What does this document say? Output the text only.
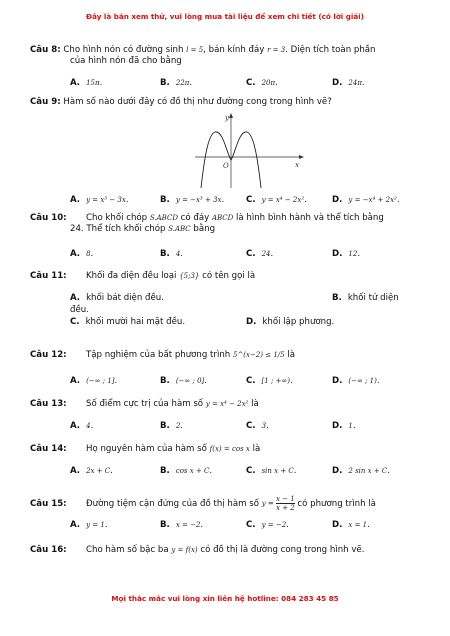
Đây là bản xem thử, vui lòng mua tài liệu để xem chi tiết (có lời giải)
Câu 8: Cho hình nón có đường sinh l = 5, bán kính đáy r = 3. Diện tích toàn phần
của hình nón đã cho bằng
A. 15π.	B. 22π.	C. 20π.	D. 24π.
Câu 9: Hàm số nào dưới đây có đồ thị như đường cong trong hình vẽ?
y
x
O
A. y = x³ − 3x.	B. y = −x³ + 3x.	C. y = x⁴ − 2x².	D. y = −x⁴ + 2x².
Câu 10: Cho khối chóp S.ABCD có đáy ABCD là hình bình hành và thể tích bằng
24. Thể tích khối chóp S.ABC bằng
A. 8.	B. 4.	C. 24.	D. 12.
Câu 11: Khối đa diện đều loại {5;3} có tên gọi là
A. khối bát diện đều.	B. khối tứ diện
đều.
C. khối mười hai mặt đều.	D. khối lập phương.
Câu 12: Tập nghiệm của bất phương trình 5^(x−2) ≤ 1/5 là
A. (−∞ ; 1].	B. (−∞ ; 0].	C. [1 ; +∞).	D. (−∞ ; 1).
Câu 13: Số điểm cực trị của hàm số y = x⁴ − 2x² là
A. 4.	B. 2.	C. 3.	D. 1.
Câu 14: Họ nguyên hàm của hàm số f(x) = cos x là
A. 2x + C.	B. cos x + C.	C. sin x + C.	D. 2 sin x + C.
Câu 15: Đường tiệm cận đứng của đồ thị hàm số $y = \frac{x - 1}{x + 2}$ có phương trình là
A. y = 1.	B. x = −2.	C. y = −2.	D. x = 1.
Câu 16: Cho hàm số bậc ba y = f(x) có đồ thị là đường cong trong hình vẽ.
Mọi thắc mắc vui lòng xin liên hệ hotline: 084 283 45 85
